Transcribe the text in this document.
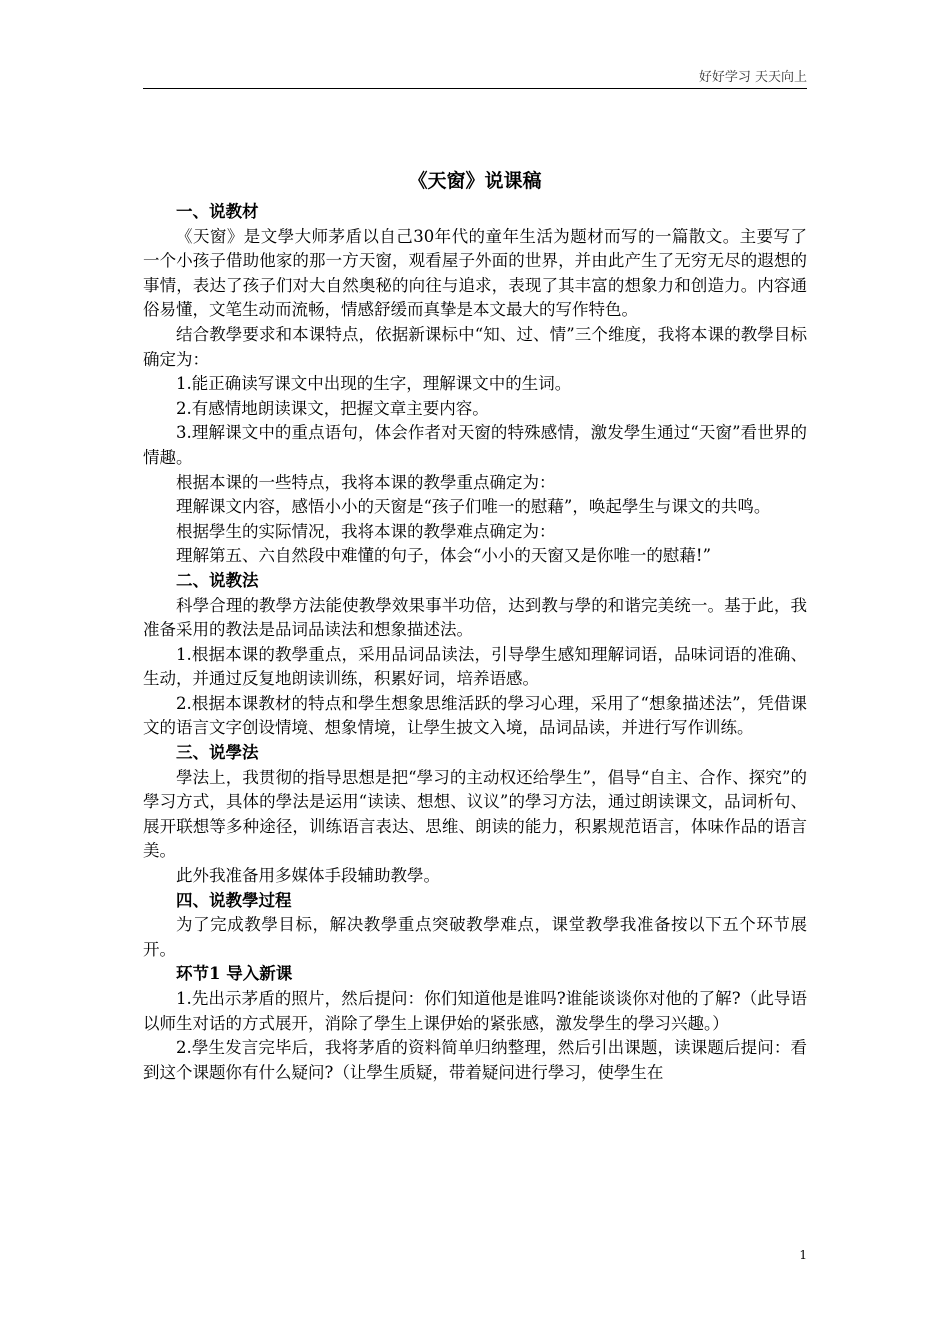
好好学习 天天向上
《天窗》说课稿

一、说教材

《天窗》是文學大师茅盾以自己30年代的童年生活为题材而写的一篇散文。主要写了一个小孩子借助他家的那一方天窗，观看屋子外面的世界，并由此产生了无穷无尽的遐想的事情，表达了孩子们对大自然奥秘的向往与追求，表现了其丰富的想象力和创造力。内容通俗易懂，文笔生动而流畅，情感舒缓而真挚是本文最大的写作特色。

结合教學要求和本课特点，依据新课标中“知、过、情”三个维度，我将本课的教學目标确定为：

1.能正确读写课文中出现的生字，理解课文中的生词。

2.有感情地朗读课文，把握文章主要内容。

3.理解课文中的重点语句，体会作者对天窗的特殊感情，激发學生通过“天窗”看世界的情趣。

根据本课的一些特点，我将本课的教學重点确定为：

理解课文内容，感悟小小的天窗是“孩子们唯一的慰藉”，唤起學生与课文的共鸣。

根据學生的实际情况，我将本课的教學难点确定为：

理解第五、六自然段中难懂的句子，体会“小小的天窗又是你唯一的慰藉!”

二、说教法

科學合理的教學方法能使教學效果事半功倍，达到教与學的和谐完美统一。基于此，我准备采用的教法是品词品读法和想象描述法。

1.根据本课的教學重点，采用品词品读法，引导學生感知理解词语，品味词语的准确、生动，并通过反复地朗读训练，积累好词，培养语感。

2.根据本课教材的特点和學生想象思维活跃的學习心理，采用了“想象描述法”，凭借课文的语言文字创设情境、想象情境，让學生披文入境，品词品读，并进行写作训练。

三、说學法

學法上，我贯彻的指导思想是把“學习的主动权还给學生”，倡导“自主、合作、探究”的學习方式，具体的學法是运用“读读、想想、议议”的學习方法，通过朗读课文，品词析句、展开联想等多种途径，训练语言表达、思维、朗读的能力，积累规范语言，体味作品的语言美。

此外我准备用多媒体手段辅助教學。

四、说教學过程

为了完成教學目标，解决教學重点突破教學难点，课堂教學我准备按以下五个环节展开。

环节1 导入新课

1.先出示茅盾的照片，然后提问：你们知道他是谁吗?谁能谈谈你对他的了解?（此导语以师生对话的方式展开，消除了學生上课伊始的紧张感，激发學生的學习兴趣。）

2.學生发言完毕后，我将茅盾的资料简单归纳整理，然后引出课题，读课题后提问：看到这个课题你有什么疑问?（让學生质疑，带着疑问进行學习，使學生在

1
